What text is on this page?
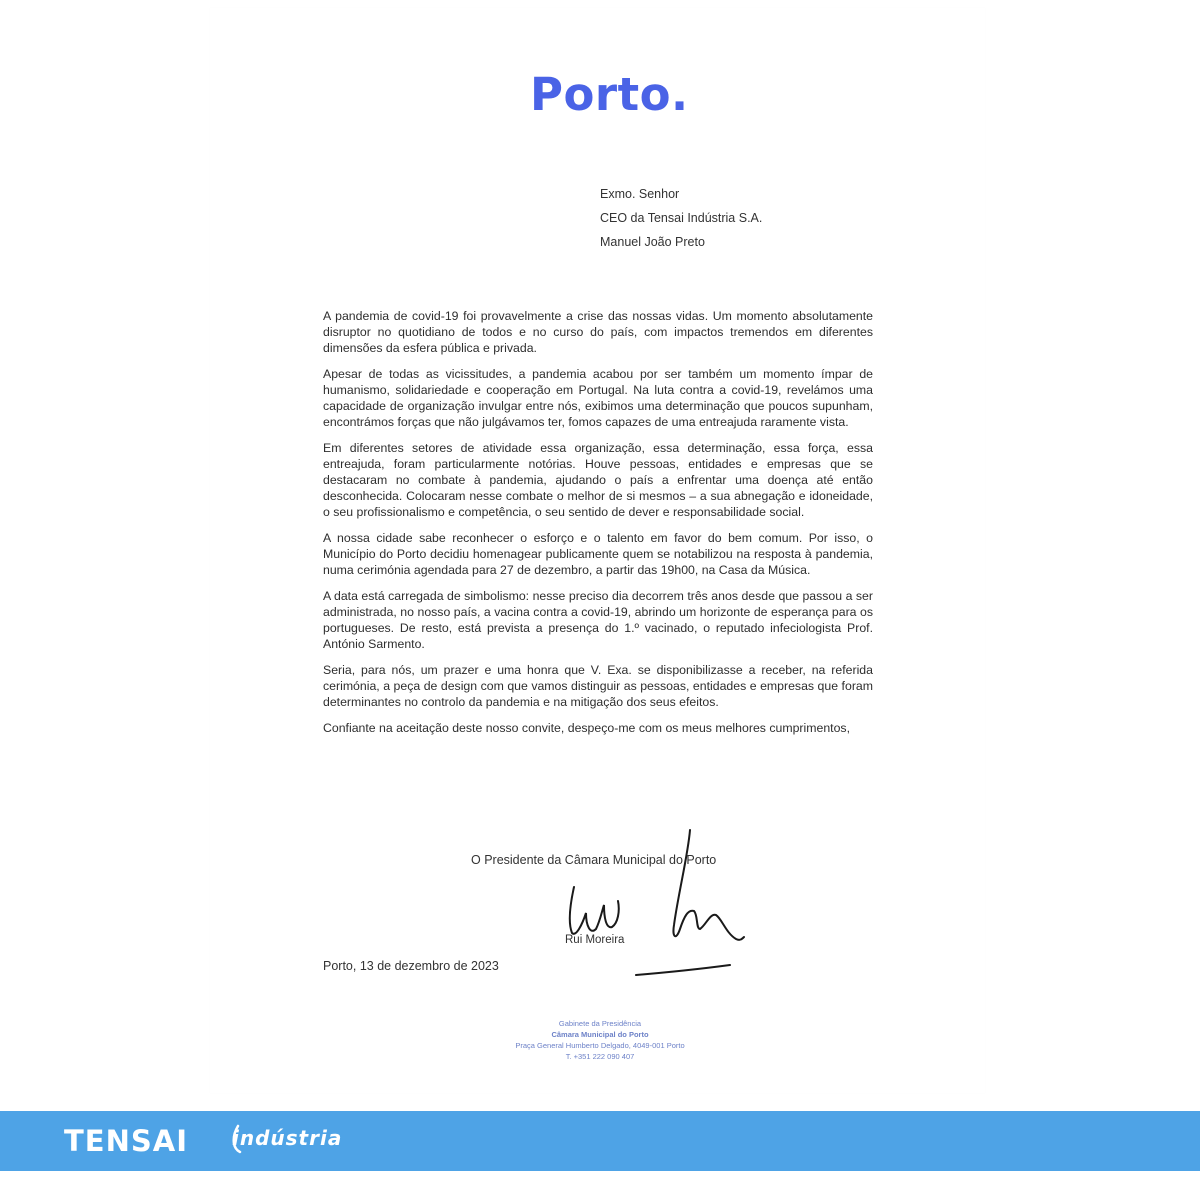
Porto.
Exmo. Senhor
CEO da Tensai Indústria S.A.
Manuel João Preto

A pandemia de covid-19 foi provavelmente a crise das nossas vidas. Um momento absolutamente disruptor no quotidiano de todos e no curso do país, com impactos tremendos em diferentes dimensões da esfera pública e privada.

Apesar de todas as vicissitudes, a pandemia acabou por ser também um momento ímpar de humanismo, solidariedade e cooperação em Portugal. Na luta contra a covid-19, revelámos uma capacidade de organização invulgar entre nós, exibimos uma determinação que poucos supunham, encontrámos forças que não julgávamos ter, fomos capazes de uma entreajuda raramente vista.

Em diferentes setores de atividade essa organização, essa determinação, essa força, essa entreajuda, foram particularmente notórias. Houve pessoas, entidades e empresas que se destacaram no combate à pandemia, ajudando o país a enfrentar uma doença até então desconhecida. Colocaram nesse combate o melhor de si mesmos – a sua abnegação e idoneidade, o seu profissionalismo e competência, o seu sentido de dever e responsabilidade social.

A nossa cidade sabe reconhecer o esforço e o talento em favor do bem comum. Por isso, o Município do Porto decidiu homenagear publicamente quem se notabilizou na resposta à pandemia, numa cerimónia agendada para 27 de dezembro, a partir das 19h00, na Casa da Música.

A data está carregada de simbolismo: nesse preciso dia decorrem três anos desde que passou a ser administrada, no nosso país, a vacina contra a covid-19, abrindo um horizonte de esperança para os portugueses. De resto, está prevista a presença do 1.º vacinado, o reputado infeciologista Prof. António Sarmento.

Seria, para nós, um prazer e uma honra que V. Exa. se disponibilizasse a receber, na referida cerimónia, a peça de design com que vamos distinguir as pessoas, entidades e empresas que foram determinantes no controlo da pandemia e na mitigação dos seus efeitos.

Confiante na aceitação deste nosso convite, despeço-me com os meus melhores cumprimentos,

O Presidente da Câmara Municipal do Porto
Rui Moreira
Porto, 13 de dezembro de 2023
Gabinete da Presidência
Câmara Municipal do Porto
Praça General Humberto Delgado, 4049-001 Porto
T. +351 222 090 407
TENSAI indústria
